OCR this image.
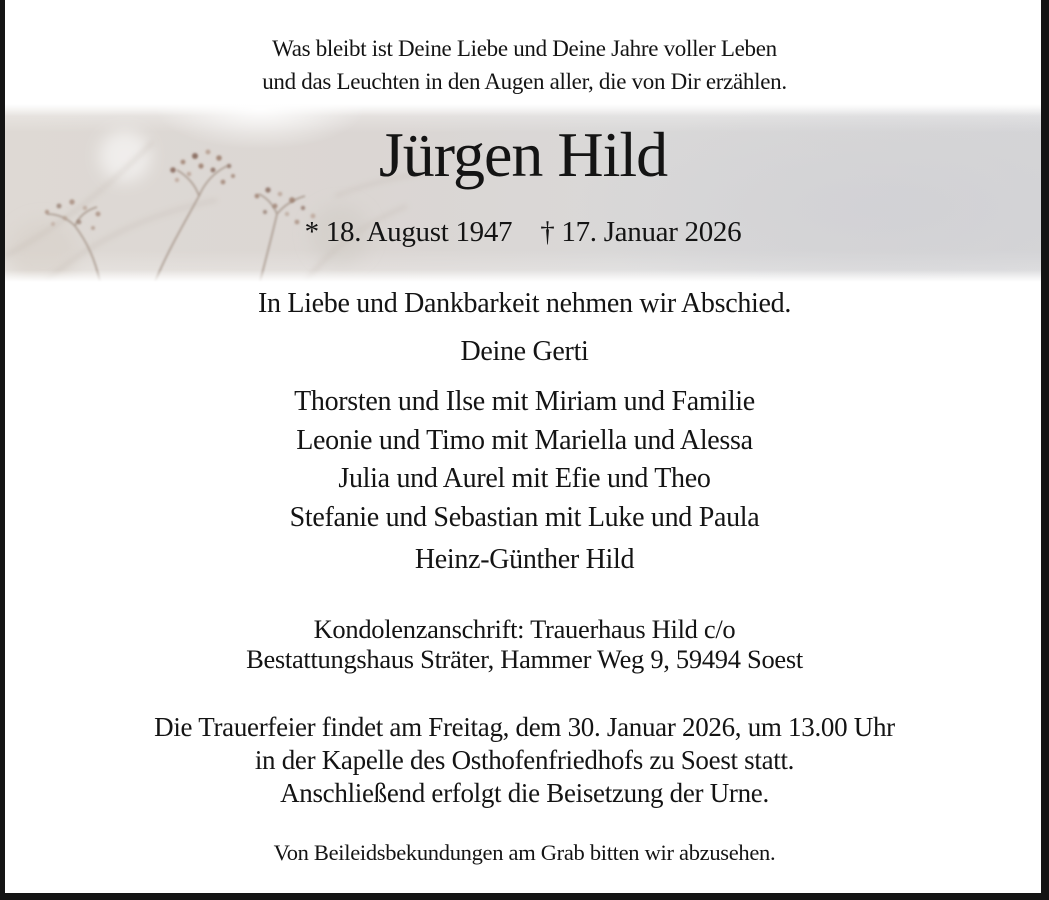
Was bleibt ist Deine Liebe und Deine Jahre voller Leben
und das Leuchten in den Augen aller, die von Dir erzählen.
Jürgen Hild
* 18. August 1947 † 17. Januar 2026
In Liebe und Dankbarkeit nehmen wir Abschied.
Deine Gerti
Thorsten und Ilse mit Miriam und Familie
Leonie und Timo mit Mariella und Alessa
Julia und Aurel mit Efie und Theo
Stefanie und Sebastian mit Luke und Paula
Heinz-Günther Hild
Kondolenzanschrift: Trauerhaus Hild c/o
Bestattungshaus Sträter, Hammer Weg 9, 59494 Soest
Die Trauerfeier findet am Freitag, dem 30. Januar 2026, um 13.00 Uhr
in der Kapelle des Osthofenfriedhofs zu Soest statt.
Anschließend erfolgt die Beisetzung der Urne.
Von Beileidsbekundungen am Grab bitten wir abzusehen.
